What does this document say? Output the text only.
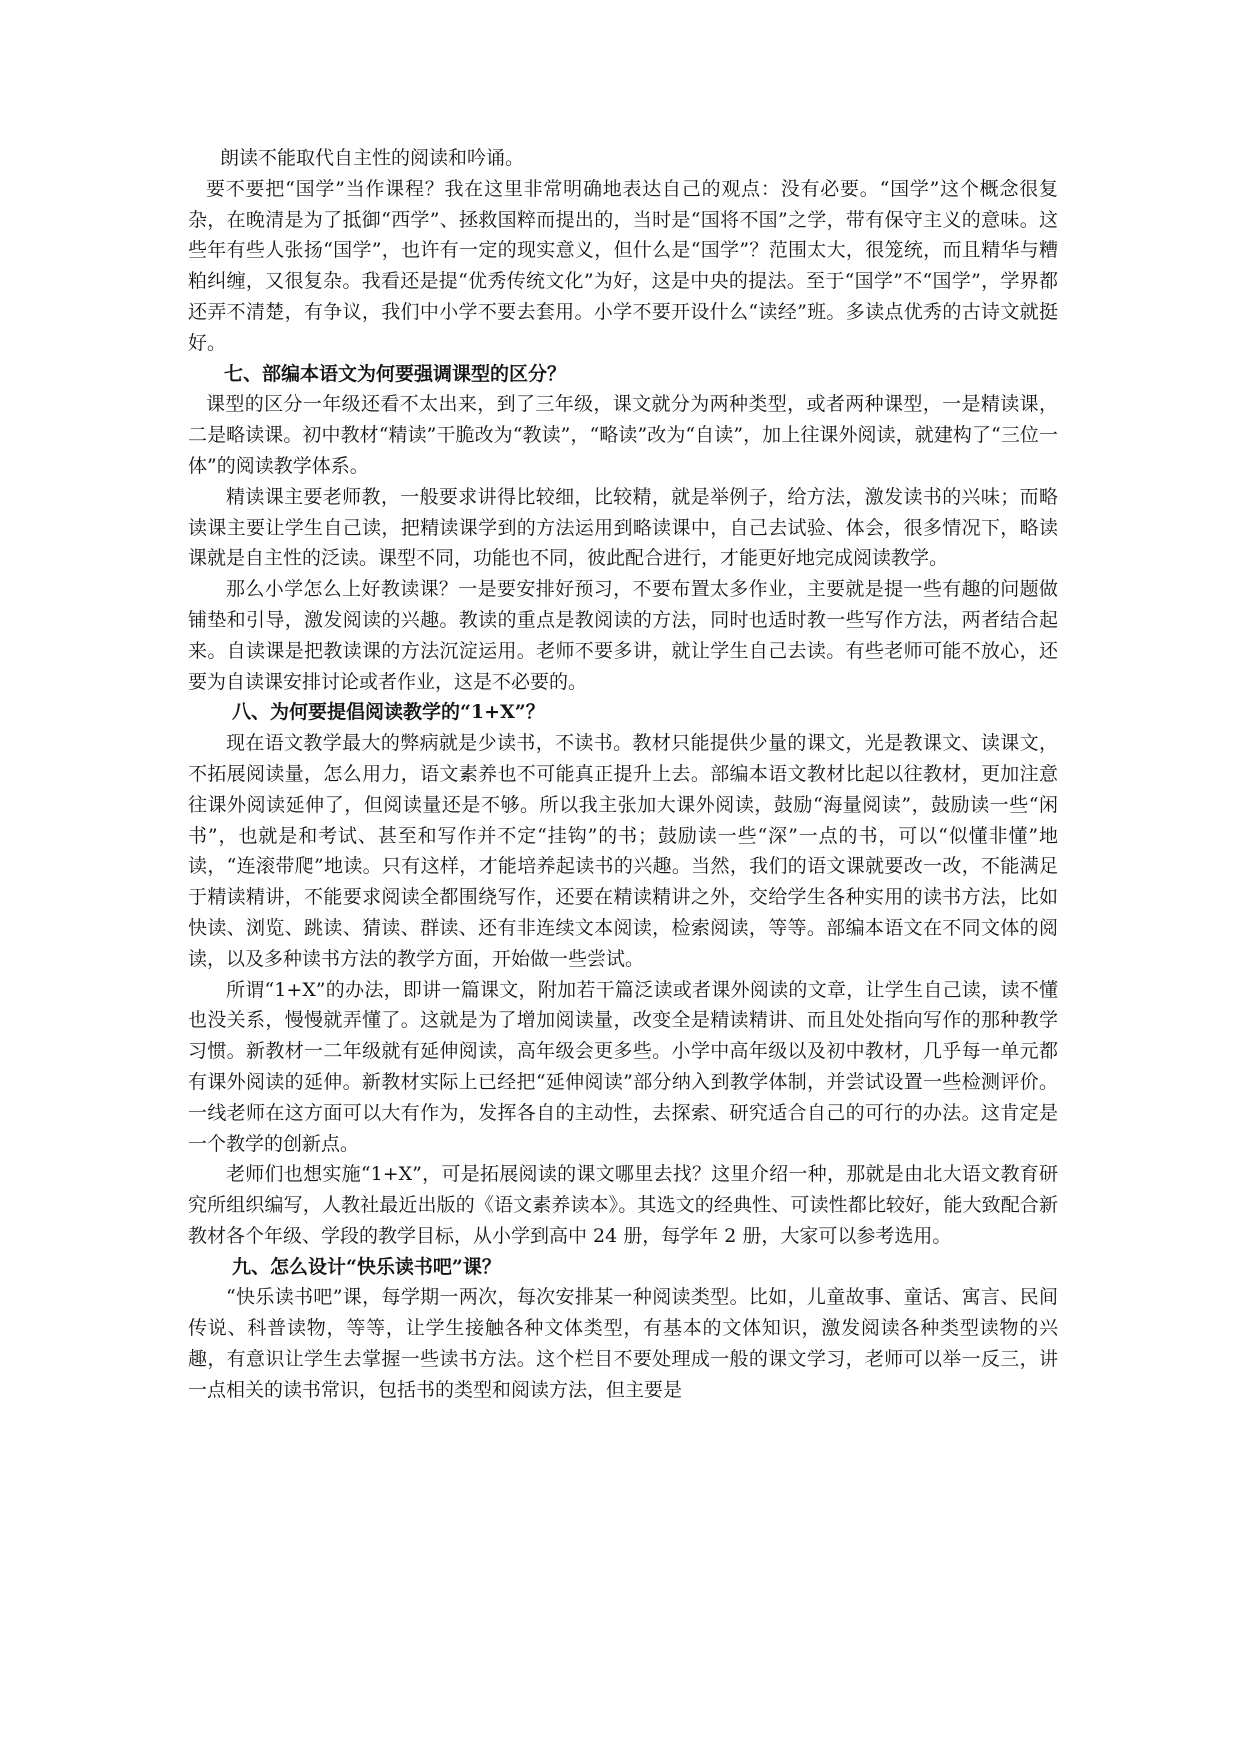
朗读不能取代自主性的阅读和吟诵。

要不要把“国学”当作课程？我在这里非常明确地表达自己的观点：没有必要。“国学”这个概念很复杂，在晚清是为了抵御“西学”、拯救国粹而提出的，当时是“国将不国”之学，带有保守主义的意味。这些年有些人张扬“国学”，也许有一定的现实意义，但什么是“国学”？范围太大，很笼统，而且精华与糟粕纠缠，又很复杂。我看还是提“优秀传统文化”为好，这是中央的提法。至于“国学”不“国学”，学界都还弄不清楚，有争议，我们中小学不要去套用。小学不要开设什么“读经”班。多读点优秀的古诗文就挺好。

七、部编本语文为何要强调课型的区分？

课型的区分一年级还看不太出来，到了三年级，课文就分为两种类型，或者两种课型，一是精读课，二是略读课。初中教材“精读”干脆改为“教读”，“略读”改为“自读”，加上往课外阅读，就建构了“三位一体”的阅读教学体系。

精读课主要老师教，一般要求讲得比较细，比较精，就是举例子，给方法，激发读书的兴味；而略读课主要让学生自己读，把精读课学到的方法运用到略读课中，自己去试验、体会，很多情况下，略读课就是自主性的泛读。课型不同，功能也不同，彼此配合进行，才能更好地完成阅读教学。

那么小学怎么上好教读课？一是要安排好预习，不要布置太多作业，主要就是提一些有趣的问题做铺垫和引导，激发阅读的兴趣。教读的重点是教阅读的方法，同时也适时教一些写作方法，两者结合起来。自读课是把教读课的方法沉淀运用。老师不要多讲，就让学生自己去读。有些老师可能不放心，还要为自读课安排讨论或者作业，这是不必要的。

八、为何要提倡阅读教学的“1+X”？

现在语文教学最大的弊病就是少读书，不读书。教材只能提供少量的课文，光是教课文、读课文，不拓展阅读量，怎么用力，语文素养也不可能真正提升上去。部编本语文教材比起以往教材，更加注意往课外阅读延伸了，但阅读量还是不够。所以我主张加大课外阅读，鼓励“海量阅读”，鼓励读一些“闲书”，也就是和考试、甚至和写作并不定“挂钩”的书；鼓励读一些“深”一点的书，可以“似懂非懂”地读，“连滚带爬”地读。只有这样，才能培养起读书的兴趣。当然，我们的语文课就要改一改，不能满足于精读精讲，不能要求阅读全都围绕写作，还要在精读精讲之外，交给学生各种实用的读书方法，比如快读、浏览、跳读、猜读、群读、还有非连续文本阅读，检索阅读，等等。部编本语文在不同文体的阅读，以及多种读书方法的教学方面，开始做一些尝试。

所谓“1+X”的办法，即讲一篇课文，附加若干篇泛读或者课外阅读的文章，让学生自己读，读不懂也没关系，慢慢就弄懂了。这就是为了增加阅读量，改变全是精读精讲、而且处处指向写作的那种教学习惯。新教材一二年级就有延伸阅读，高年级会更多些。小学中高年级以及初中教材，几乎每一单元都有课外阅读的延伸。新教材实际上已经把“延伸阅读”部分纳入到教学体制，并尝试设置一些检测评价。一线老师在这方面可以大有作为，发挥各自的主动性，去探索、研究适合自己的可行的办法。这肯定是一个教学的创新点。

老师们也想实施“1+X”，可是拓展阅读的课文哪里去找？这里介绍一种，那就是由北大语文教育研究所组织编写，人教社最近出版的《语文素养读本》。其选文的经典性、可读性都比较好，能大致配合新教材各个年级、学段的教学目标，从小学到高中 24 册，每学年 2 册，大家可以参考选用。

九、怎么设计“快乐读书吧”课？

“快乐读书吧”课，每学期一两次，每次安排某一种阅读类型。比如，儿童故事、童话、寓言、民间传说、科普读物，等等，让学生接触各种文体类型，有基本的文体知识，激发阅读各种类型读物的兴趣，有意识让学生去掌握一些读书方法。这个栏目不要处理成一般的课文学习，老师可以举一反三，讲一点相关的读书常识，包括书的类型和阅读方法，但主要是
